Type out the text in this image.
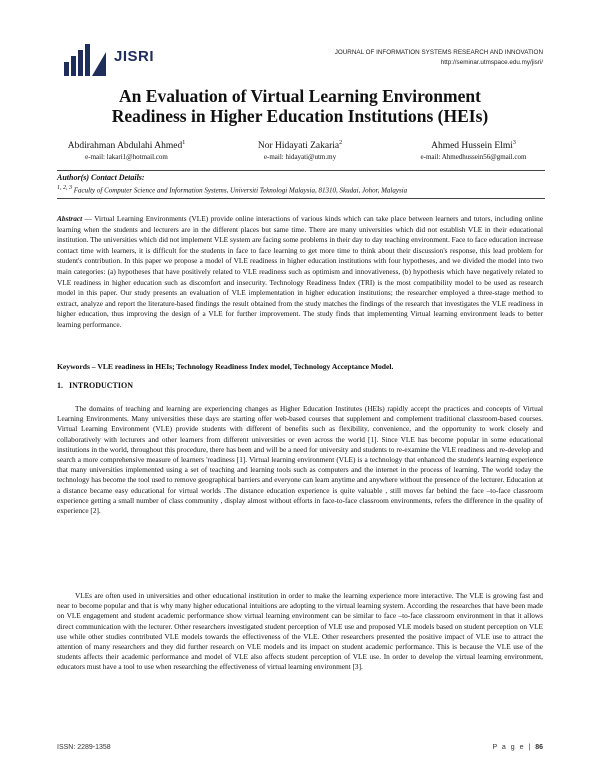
JISRI	JOURNAL OF INFORMATION SYSTEMS RESEARCH AND INNOVATION
http://seminar.utmspace.edu.my/jisri/
An Evaluation of Virtual Learning Environment
Readiness in Higher Education Institutions (HEIs)
Abdirahman Abdulahi Ahmed$^1$
e-mail: lakari1@hotmail.com
Nor Hidayati Zakaria$^2$
e-mail: hidayati@utm.my
Ahmed Hussein Elmi$^3$
e-mail: Ahmedhussein56@gmail.com
Author(s) Contact Details:
1, 2, 3 Faculty of Computer Science and Information Systems, Universiti Teknologi Malaysia, 81310, Skudai, Johor, Malaysia
Abstract — Virtual Learning Environments (VLE) provide online interactions of various kinds which can take place between learners and tutors, including online learning when the students and lecturers are in the different places but same time. There are many universities which did not establish VLE in their educational institution. The universities which did not implement VLE system are facing some problems in their day to day teaching environment. Face to face education increase contact time with learners, it is difficult for the students in face to face learning to get more time to think about their discussion's response, this lead problem for student's contribution. In this paper we propose a model of VLE readiness in higher education institutions with four hypotheses, and we divided the model into two main categories: (a) hypotheses that have positively related to VLE readiness such as optimism and innovativeness, (b) hypothesis which have negatively related to VLE readiness in higher education such as discomfort and insecurity. Technology Readiness Index (TRI) is the most compatibility model to be used as research model in this paper. Our study presents an evaluation of VLE implementation in higher education institutions; the researcher employed a three-stage method to extract, analyze and report the literature-based findings the result obtained from the study matches the findings of the research that investigates the VLE readiness in higher education, thus improving the design of a VLE for further improvement. The study finds that implementing Virtual learning environment leads to better learning performance.
Keywords – VLE readiness in HEIs; Technology Readiness Index model, Technology Acceptance Model.
1. INTRODUCTION

The domains of teaching and learning are experiencing changes as Higher Education Institutes (HEIs) rapidly accept the practices and concepts of Virtual Learning Environments. Many universities these days are starting offer web-based courses that supplement and complement traditional classroom-based courses. Virtual Learning Environment (VLE) provide students with different of benefits such as flexibility, convenience, and the opportunity to work closely and collaboratively with lecturers and other learners from different universities or even across the world [1]. Since VLE has become popular in some educational institutions in the world, throughout this procedure, there has been and will be a need for university and students to re-examine the VLE readiness and re-develop and search a more comprehensive measure of learners 'readiness [1]. Virtual learning environment (VLE) is a technology that enhanced the student's learning experience that many universities implemented using a set of teaching and learning tools such as computers and the internet in the process of learning. The world today the technology has become the tool used to remove geographical barriers and everyone can learn anytime and anywhere without the presence of the lecturer. Education at a distance became easy educational for virtual worlds .The distance education experience is quite valuable , still moves far behind the face –to-face classroom experience getting a small number of class community , display almost without efforts in face-to-face classroom environments, refers the difference in the quality of experience [2].

VLEs are often used in universities and other educational institution in order to make the learning experience more interactive. The VLE is growing fast and near to become popular and that is why many higher educational intuitions are adopting to the virtual learning system. According the researches that have been made on VLE engagement and student academic performance show virtual learning environment can be similar to face –to-face classroom environment in that it allows direct communication with the lecturer. Other researchers investigated student perception of VLE use and proposed VLE models based on student perception on VLE use while other studies contributed VLE models towards the effectiveness of the VLE. Other researchers presented the positive impact of VLE use to attract the attention of many researchers and they did further research on VLE models and its impact on student academic performance. This is because the VLE use of the students affects their academic performance and model of VLE also affects student perception of VLE use. In order to develop the virtual learning environment, educators must have a tool to use when researching the effectiveness of virtual learning environment [3].

ISSN: 2289-1358	P a g e | 86
